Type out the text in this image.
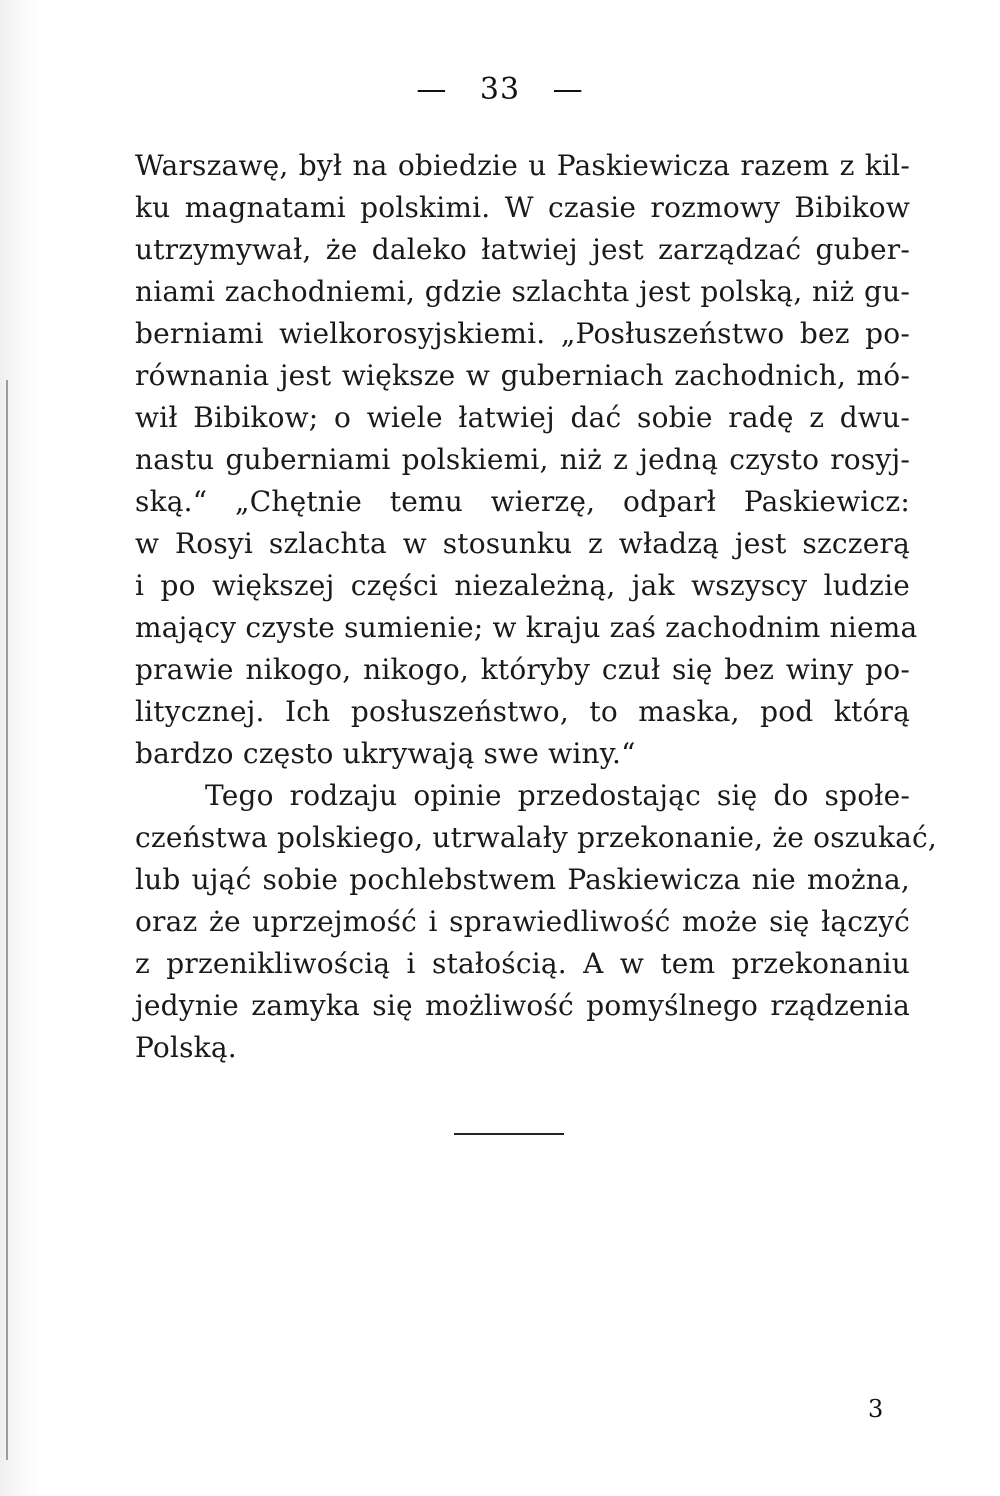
— 33 —
Warszawę, był na obiedzie u Paskiewicza razem z kil-
ku magnatami polskimi. W czasie rozmowy Bibikow
utrzymywał, że daleko łatwiej jest zarządzać guber-
niami zachodniemi, gdzie szlachta jest polską, niż gu-
berniami wielkorosyjskiemi. „Posłuszeństwo bez po-
równania jest większe w guberniach zachodnich, mó-
wił Bibikow; o wiele łatwiej dać sobie radę z dwu-
nastu guberniami polskiemi, niż z jedną czysto rosyj-
ską.“ „Chętnie temu wierzę, odparł Paskiewicz:
w Rosyi szlachta w stosunku z władzą jest szczerą
i po większej części niezależną, jak wszyscy ludzie
mający czyste sumienie; w kraju zaś zachodnim niema
prawie nikogo, nikogo, któryby czuł się bez winy po-
litycznej. Ich posłuszeństwo, to maska, pod którą
bardzo często ukrywają swe winy.“
Tego rodzaju opinie przedostając się do społe-
czeństwa polskiego, utrwalały przekonanie, że oszukać,
lub ująć sobie pochlebstwem Paskiewicza nie można,
oraz że uprzejmość i sprawiedliwość może się łączyć
z przenikliwością i stałością. A w tem przekonaniu
jedynie zamyka się możliwość pomyślnego rządzenia
Polską.
3
